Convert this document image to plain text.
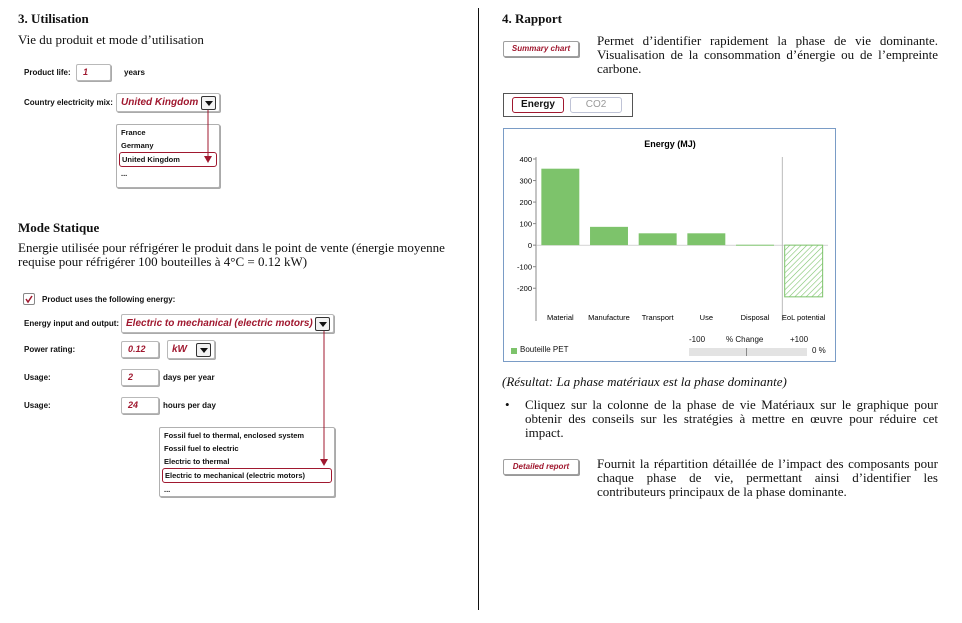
3. Utilisation
Vie du produit et mode d’utilisation
Product life:	1	years
Country electricity mix: United Kingdom
France
Germany
United Kingdom
...
Mode Statique
Energie utilisée pour réfrigérer le produit dans le point de vente (énergie moyenne requise pour réfrigérer 100 bouteilles à 4°C = 0.12 kW)
Product uses the following energy:
Energy input and output: Electric to mechanical (electric motors)
Power rating:	0.12	kW
Usage:	2	days per year
Usage:	24	hours per day
Fossil fuel to thermal, enclosed system
Fossil fuel to electric
Electric to thermal
Electric to mechanical (electric motors)
...
4. Rapport
Summary chart
Permet d’identifier rapidement la phase de vie dominante. Visualisation de la consommation d’énergie ou de l’empreinte carbone.
Energy	CO2
Energy (MJ)
400
300
200
100
0
-100
-200
Material Manufacture Transport	Use	Disposal EoL potential
Bouteille PET
-100	% Change	+100
0 %
(Résultat: La phase matériaux est la phase dominante)
• Cliquez sur la colonne de la phase de vie Matériaux sur le graphique pour obtenir des conseils sur les stratégies à mettre en œuvre pour réduire cet impact.
Detailed report	Fournit la répartition détaillée de l’impact des composants pour chaque phase de vie, permettant ainsi d’identifier les contributeurs principaux de la phase dominante.
